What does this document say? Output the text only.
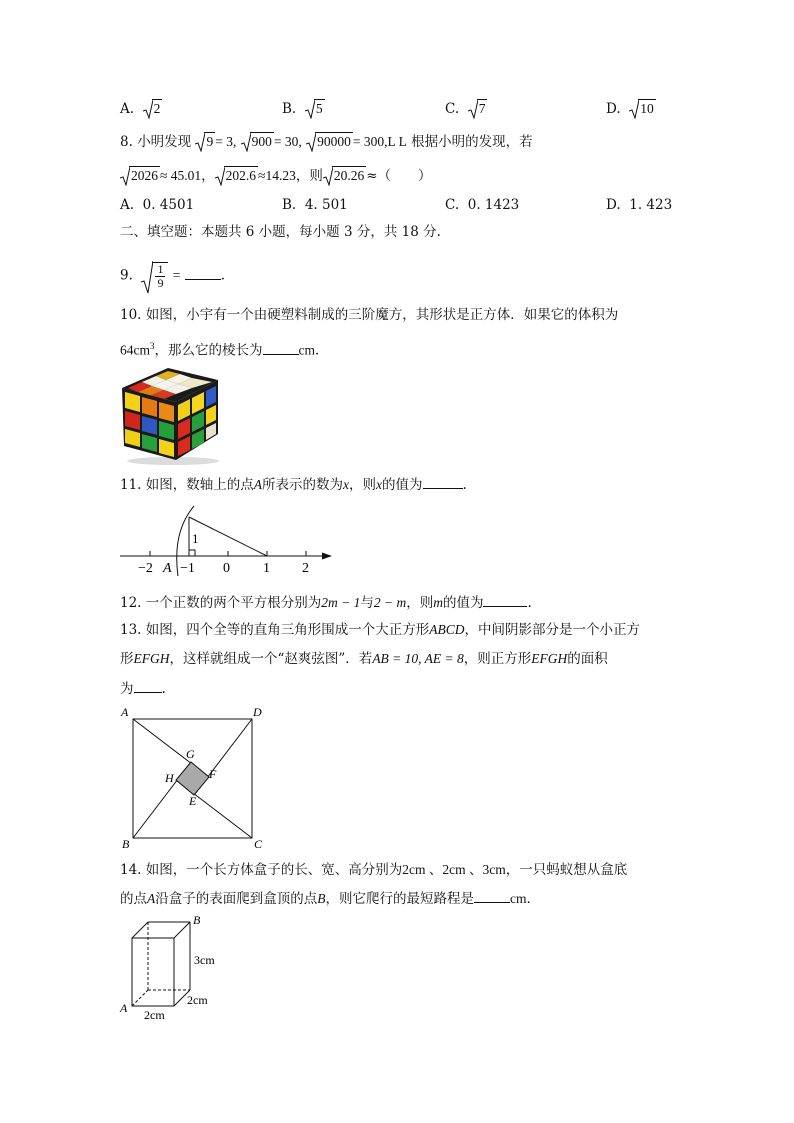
A. 2	B. 5	C. 7	D. 10
8. 小明发现 9 = 3, 900 = 30, 90000 = 300,L L 根据小明的发现，若
2026 ≈ 45.01， 202.6 ≈14.23，则 20.26 ≈（　　）
A. 0. 4501	B. 4. 501	C. 0. 1423	D. 1. 423
二、填空题：本题共 6 小题，每小题 3 分，共 18 分.
9. $\frac{1}{9}$ =	.
10. 如图，小宇有一个由硬塑料制成的三阶魔方，其形状是正方体．如果它的体积为
$64cm^3$，那么它的棱长为	cm．
11. 如图，数轴上的点A所表示的数为x，则x的值为	.
1
−2 A −1 0 1 2
12. 一个正数的两个平方根分别为2m − 1与2 − m，则m的值为	.
13. 如图，四个全等的直角三角形围成一个大正方形ABCD，中间阴影部分是一个小正方
形EFGH，这样就组成一个“赵爽弦图”．若AB = 10, AE = 8，则正方形EFGH的面积
为 .
A	D
B	C
G
F
H
E
14. 如图，一个长方体盒子的长、宽、高分别为2cm 、2cm 、3cm，一只蚂蚁想从盒底
的点A沿盒子的表面爬到盒顶的点B，则它爬行的最短路程是	cm．
B
A
3cm
2cm
2cm
